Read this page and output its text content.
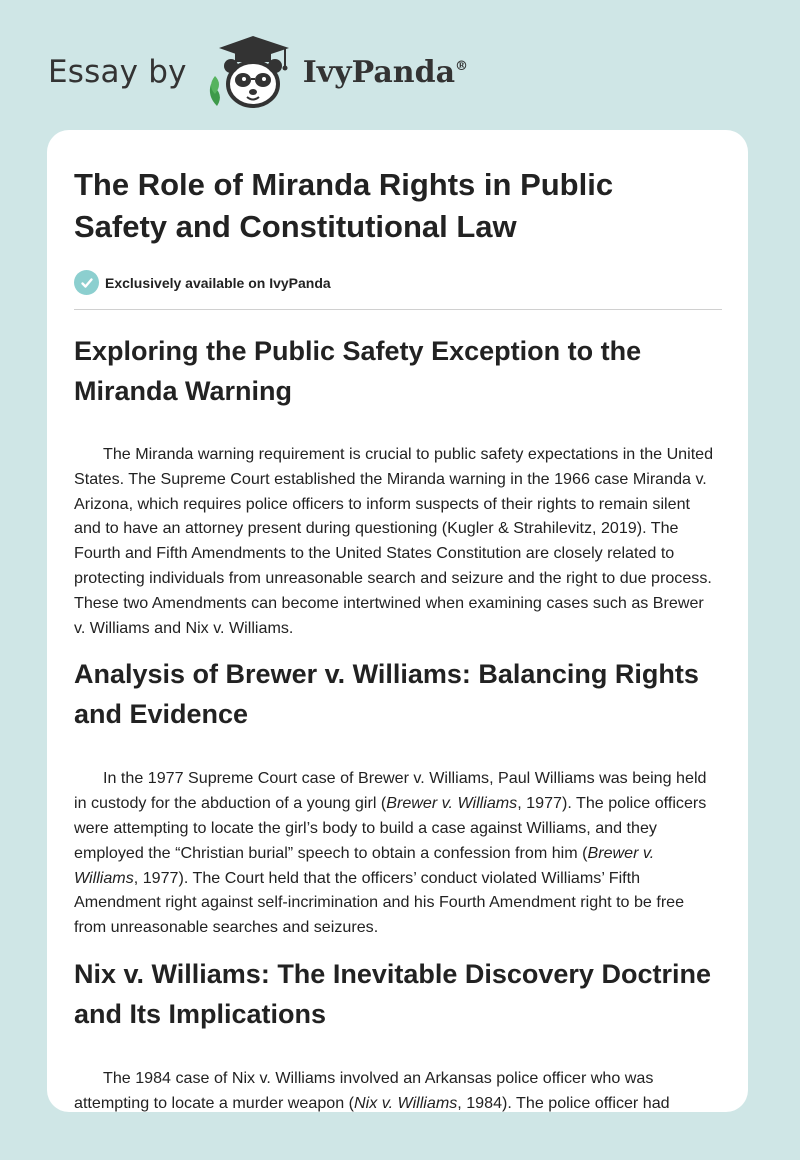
Essay by	IvyPanda®
The Role of Miranda Rights in Public Safety and Constitutional Law
Exclusively available on IvyPanda
Exploring the Public Safety Exception to the Miranda Warning

The Miranda warning requirement is crucial to public safety expectations in the United States. The Supreme Court established the Miranda warning in the 1966 case Miranda v. Arizona, which requires police officers to inform suspects of their rights to remain silent and to have an attorney present during questioning (Kugler & Strahilevitz, 2019). The Fourth and Fifth Amendments to the United States Constitution are closely related to protecting individuals from unreasonable search and seizure and the right to due process. These two Amendments can become intertwined when examining cases such as Brewer v. Williams and Nix v. Williams.

Analysis of Brewer v. Williams: Balancing Rights and Evidence

In the 1977 Supreme Court case of Brewer v. Williams, Paul Williams was being held in custody for the abduction of a young girl (Brewer v. Williams, 1977). The police officers were attempting to locate the girl’s body to build a case against Williams, and they employed the “Christian burial” speech to obtain a confession from him (Brewer v. Williams, 1977). The Court held that the officers’ conduct violated Williams’ Fifth Amendment right against self-incrimination and his Fourth Amendment right to be free from unreasonable searches and seizures.

Nix v. Williams: The Inevitable Discovery Doctrine and Its Implications

The 1984 case of Nix v. Williams involved an Arkansas police officer who was attempting to locate a murder weapon (Nix v. Williams, 1984). The police officer had
